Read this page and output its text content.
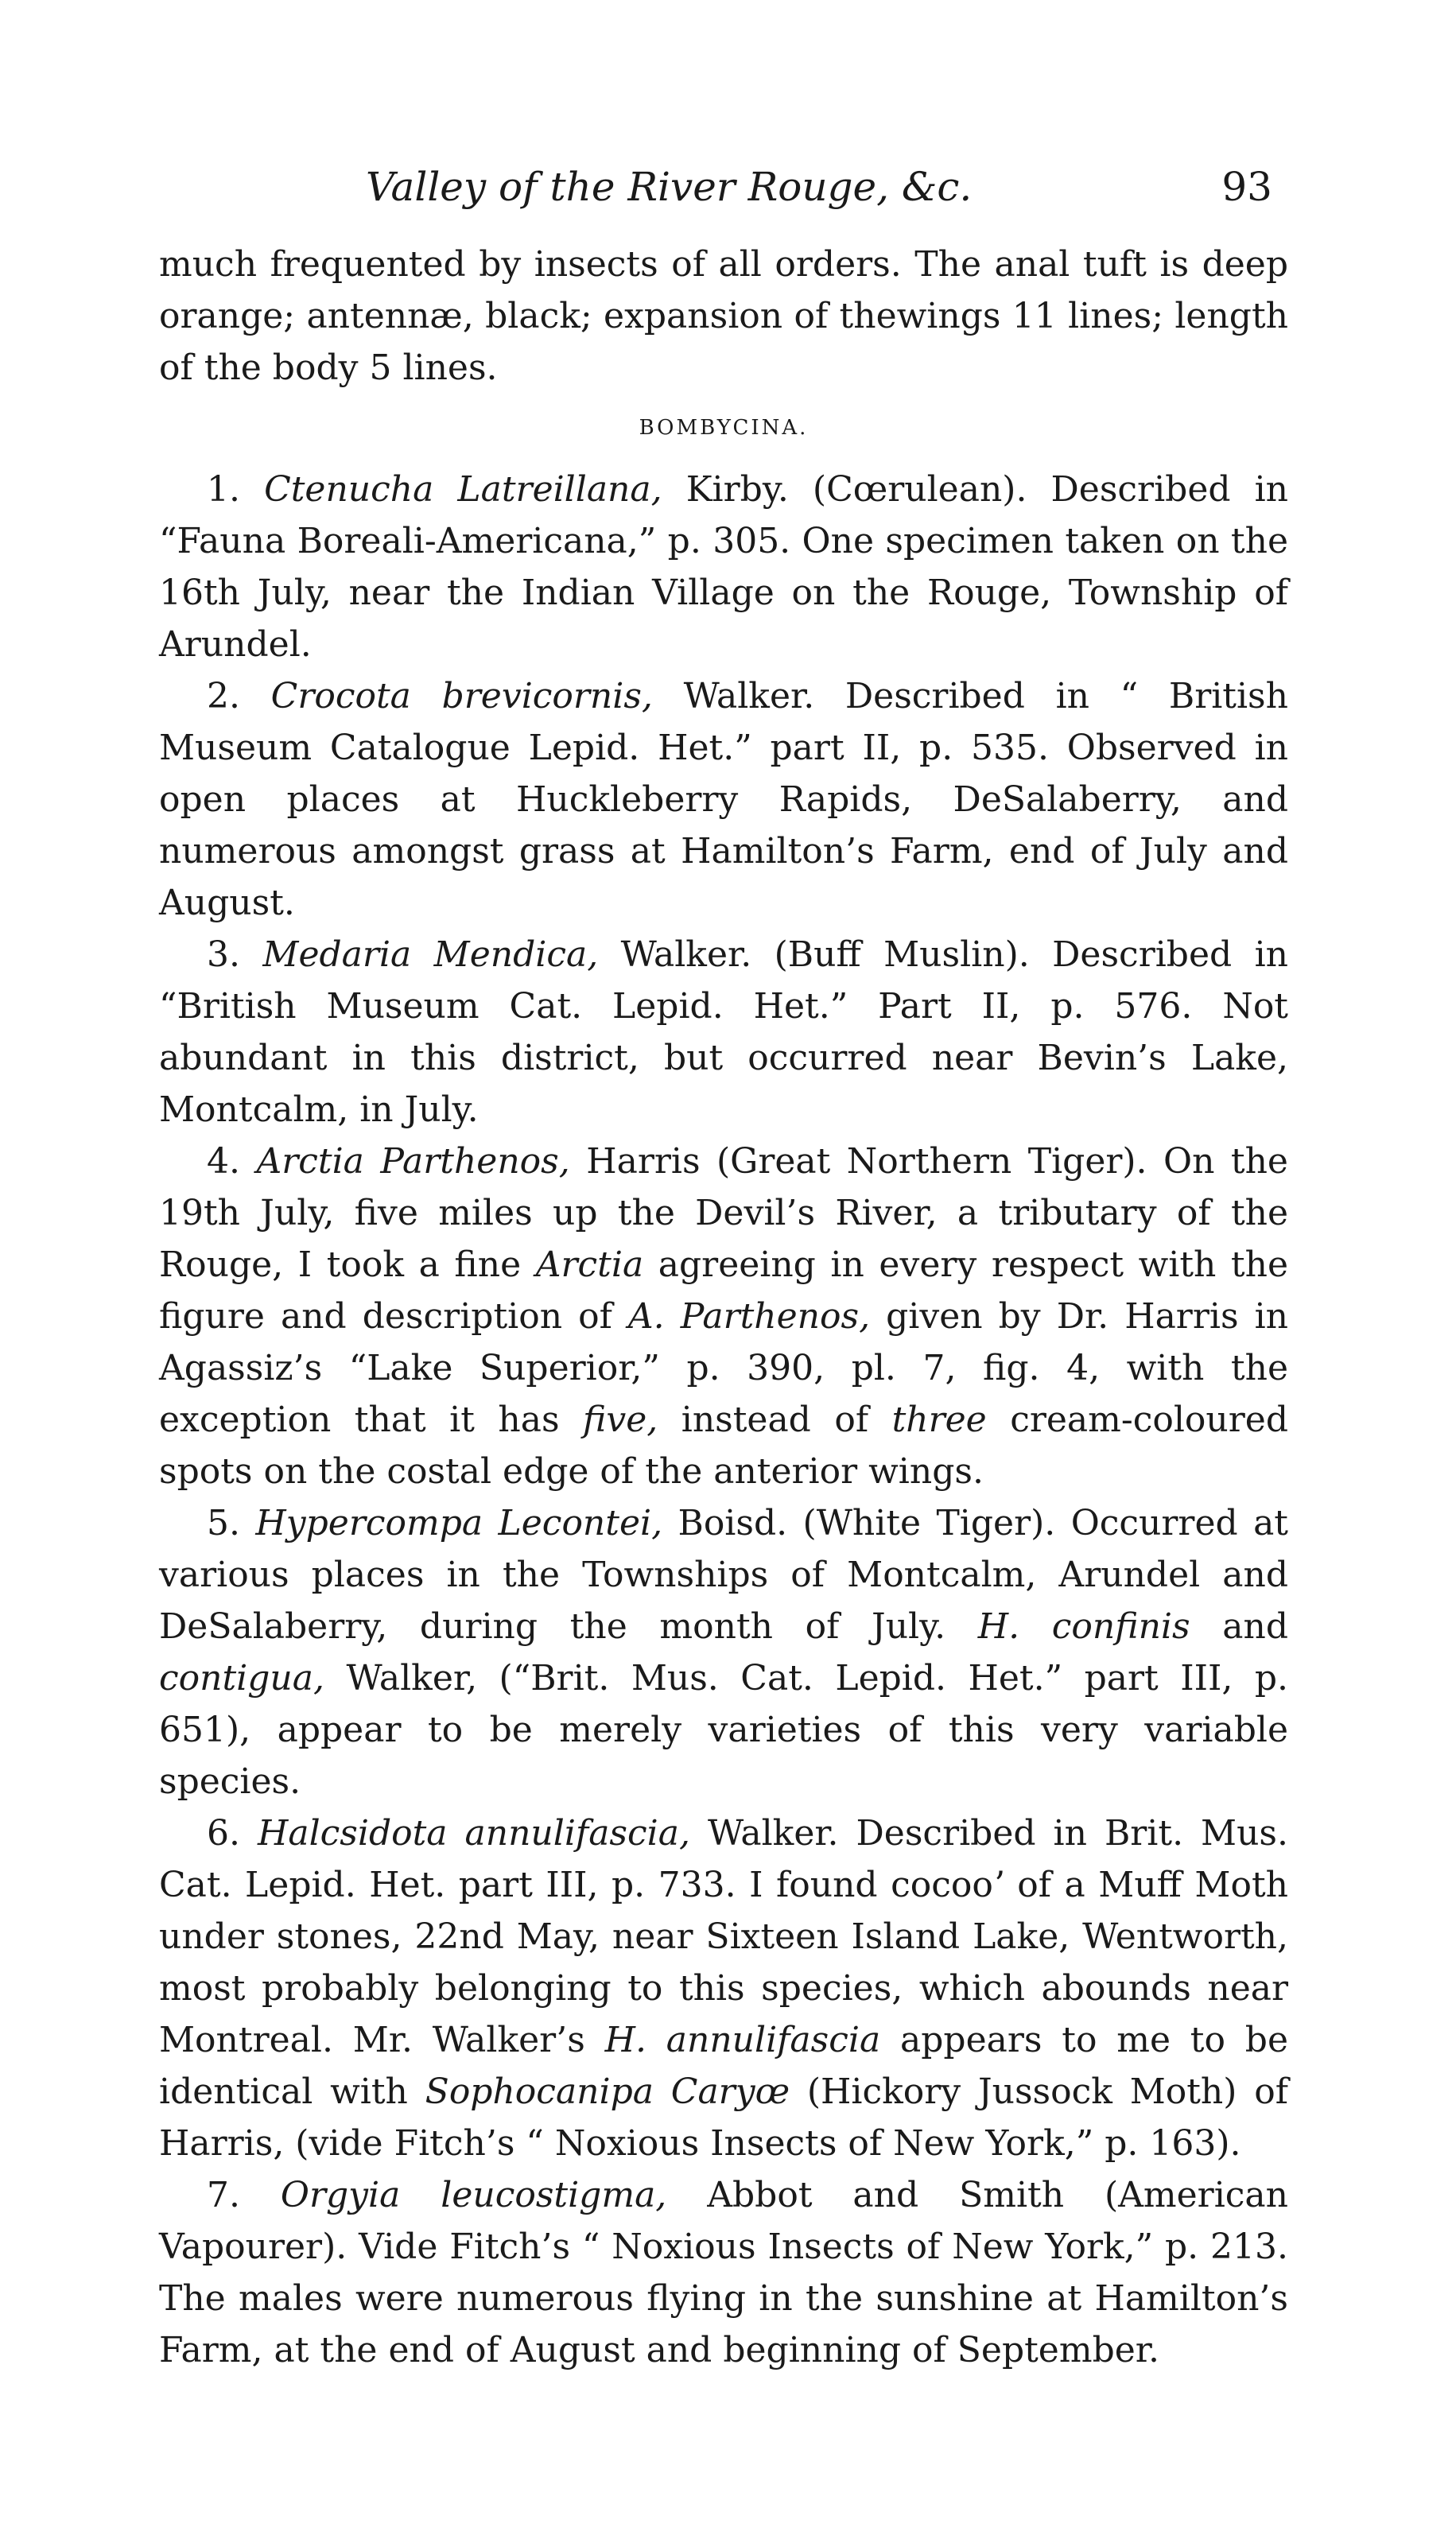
Valley of the River Rouge, &c.	93

much frequented by insects of all orders. The anal tuft is deep orange; antennæ, black; expansion of thewings 11 lines; length of the body 5 lines.

BOMBYCINA.

1. Ctenucha Latreillana, Kirby. (Cœrulean). Described in “Fauna Boreali-Americana,” p. 305. One specimen taken on the 16th July, near the Indian Village on the Rouge, Township of Arundel.

2. Crocota brevicornis, Walker. Described in “ British Museum Catalogue Lepid. Het.” part II, p. 535. Observed in open places at Huckleberry Rapids, DeSalaberry, and numerous amongst grass at Hamilton’s Farm, end of July and August.

3. Medaria Mendica, Walker. (Buff Muslin). Described in “British Museum Cat. Lepid. Het.” Part II, p. 576. Not abundant in this district, but occurred near Bevin’s Lake, Montcalm, in July.

4. Arctia Parthenos, Harris (Great Northern Tiger). On the 19th July, five miles up the Devil’s River, a tributary of the Rouge, I took a fine Arctia agreeing in every respect with the figure and description of A. Parthenos, given by Dr. Harris in Agassiz’s “Lake Superior,” p. 390, pl. 7, fig. 4, with the exception that it has five, instead of three cream-coloured spots on the costal edge of the anterior wings.

5. Hypercompa Lecontei, Boisd. (White Tiger). Occurred at various places in the Townships of Montcalm, Arundel and DeSalaberry, during the month of July. H. confinis and contigua, Walker, (“Brit. Mus. Cat. Lepid. Het.” part III, p. 651), appear to be merely varieties of this very variable species.

6. Halcsidota annulifascia, Walker. Described in Brit. Mus. Cat. Lepid. Het. part III, p. 733. I found cocooʼ of a Muff Moth under stones, 22nd May, near Sixteen Island Lake, Wentworth, most probably belonging to this species, which abounds near Montreal. Mr. Walker’s H. annulifascia appears to me to be identical with Sophocanipa Caryœ (Hickory Jussock Moth) of Harris, (vide Fitch’s “ Noxious Insects of New York,” p. 163).

7. Orgyia leucostigma, Abbot and Smith (American Vapourer). Vide Fitch’s “ Noxious Insects of New York,” p. 213. The males were numerous flying in the sunshine at Hamilton’s Farm, at the end of August and beginning of September.
